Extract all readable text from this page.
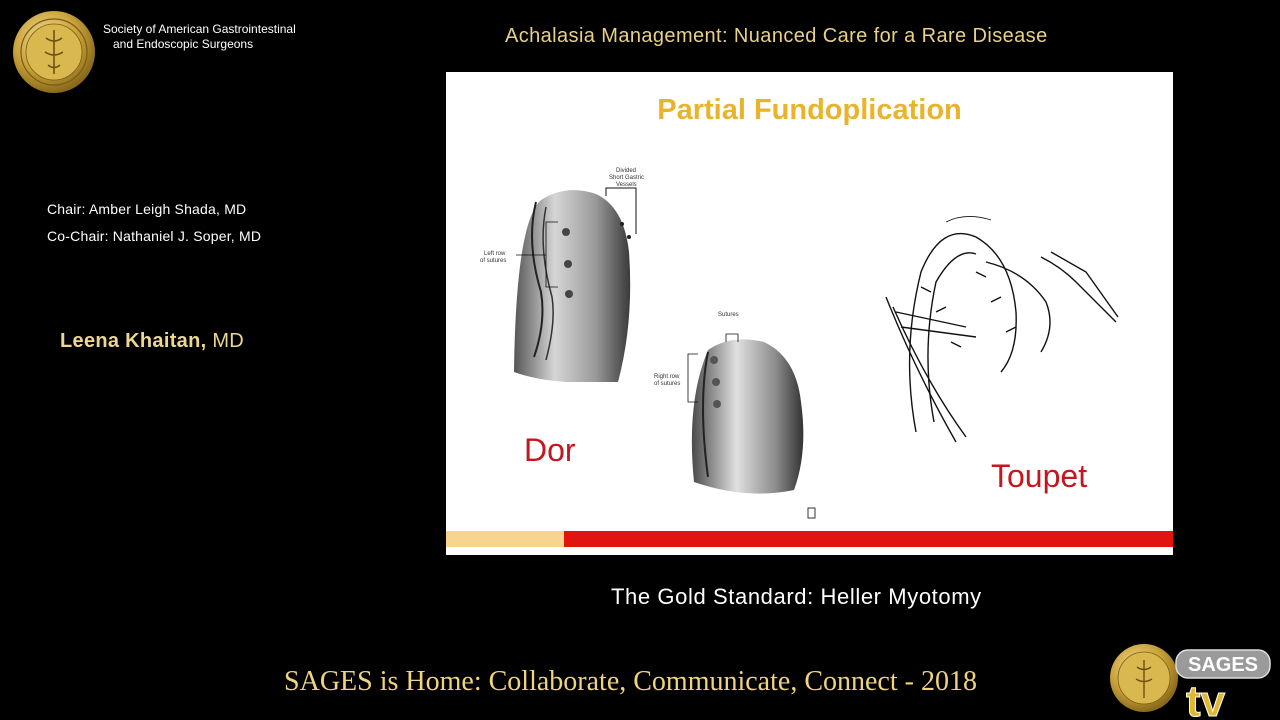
Society of American Gastrointestinal
and Endoscopic Surgeons	Achalasia Management: Nuanced Care for a Rare Disease
Chair: Amber Leigh Shada, MD
Co-Chair: Nathaniel J. Soper, MD
Leena Khaitan, MD
Partial Fundoplication
Divided
Short Gastric
Vessels
Left row
of sutures
Sutures
Right row
of sutures
Dor
Toupet
The Gold Standard: Heller Myotomy
SAGES is Home: Collaborate, Communicate, Connect - 2018
SAGES
tv
